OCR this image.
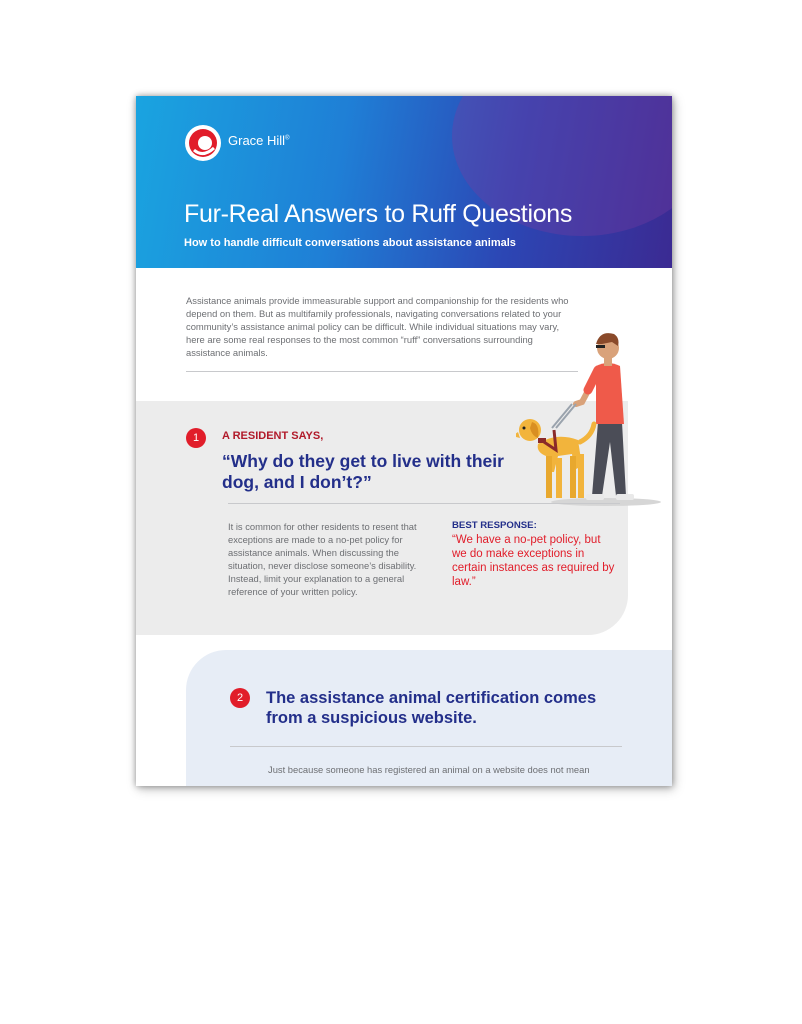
Grace Hill®
Fur-Real Answers to Ruff Questions
How to handle difficult conversations about assistance animals
Assistance animals provide immeasurable support and companionship for the residents who depend on them. But as multifamily professionals, navigating conversations related to your community’s assistance animal policy can be difficult. While individual situations may vary, here are some real responses to the most common “ruff” conversations surrounding assistance animals.
1	A RESIDENT SAYS,
“Why do they get to live with their dog, and I don’t?”
It is common for other residents to resent that exceptions are made to a no-pet policy for assistance animals. When discussing the situation, never disclose someone’s disability. Instead, limit your explanation to a general reference of your written policy.
BEST RESPONSE:
“We have a no-pet policy, but we do make exceptions in certain instances as required by law.”
2	The assistance animal certification comes from a suspicious website.
Just because someone has registered an animal on a website does not mean
